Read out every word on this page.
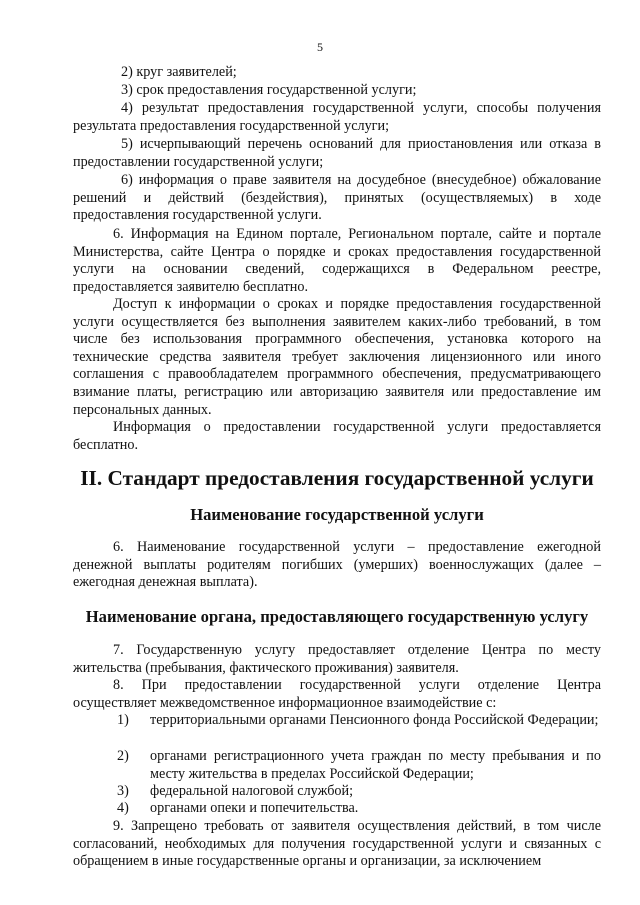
5

2) круг заявителей;

3) срок предоставления государственной услуги;

4) результат предоставления государственной услуги, способы получения результата предоставления государственной услуги;

5) исчерпывающий перечень оснований для приостановления или отказа в предоставлении государственной услуги;

6) информация о праве заявителя на досудебное (внесудебное) обжалование решений и действий (бездействия), принятых (осуществляемых) в ходе предоставления государственной услуги.

6. Информация на Едином портале, Региональном портале, сайте и портале Министерства, сайте Центра о порядке и сроках предоставления государственной услуги на основании сведений, содержащихся в Федеральном реестре, предоставляется заявителю бесплатно.

Доступ к информации о сроках и порядке предоставления государственной услуги осуществляется без выполнения заявителем каких-либо требований, в том числе без использования программного обеспечения, установка которого на технические средства заявителя требует заключения лицензионного или иного соглашения с правообладателем программного обеспечения, предусматривающего взимание платы, регистрацию или авторизацию заявителя или предоставление им персональных данных.

Информация о предоставлении государственной услуги предоставляется бесплатно.

II. Стандарт предоставления государственной услуги
Наименование государственной услуги

6. Наименование государственной услуги – предоставление ежегодной денежной выплаты родителям погибших (умерших) военнослужащих (далее – ежегодная денежная выплата).

Наименование органа, предоставляющего государственную услугу

7. Государственную услугу предоставляет отделение Центра по месту жительства (пребывания, фактического проживания) заявителя.

8. При предоставлении государственной услуги отделение Центра осуществляет межведомственное информационное взаимодействие с:

1)	территориальными органами Пенсионного фонда Российской Федерации;
2)	органами регистрационного учета граждан по месту пребывания и по месту жительства в пределах Российской Федерации;
3)	федеральной налоговой службой;
4)	органами опеки и попечительства.

9. Запрещено требовать от заявителя осуществления действий, в том числе согласований, необходимых для получения государственной услуги и связанных с обращением в иные государственные органы и организации, за исключением
